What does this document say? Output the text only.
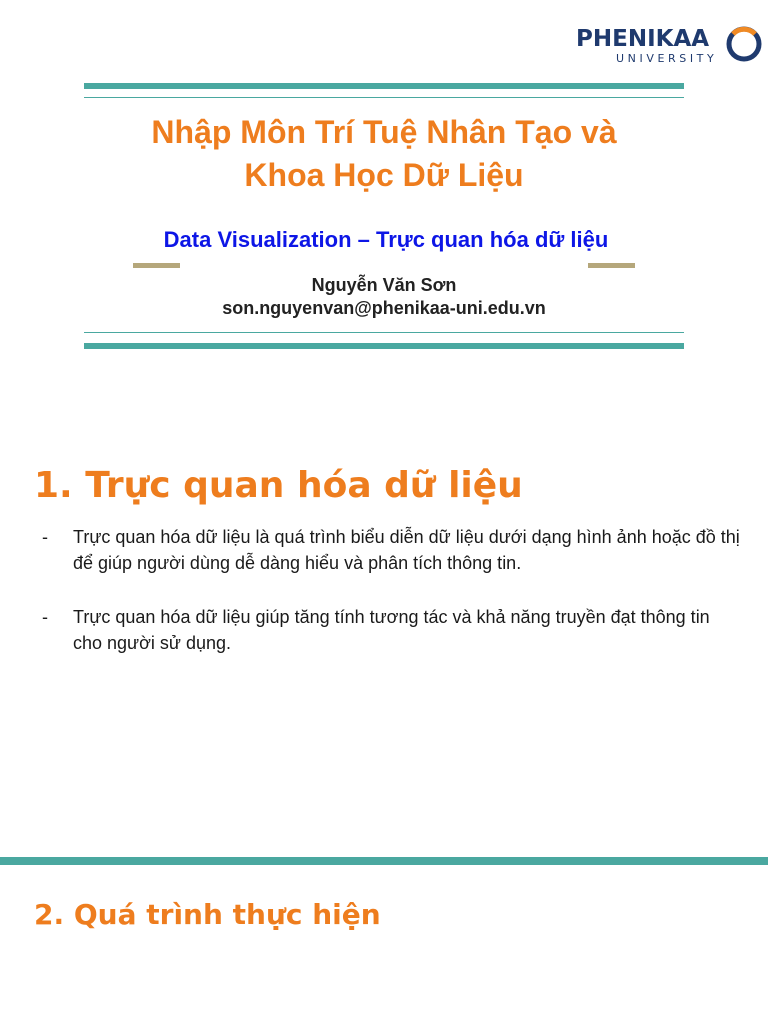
PHENIKAA
UNIVERSITY
Nhập Môn Trí Tuệ Nhân Tạo và
Khoa Học Dữ Liệu
Data Visualization – Trực quan hóa dữ liệu
Nguyễn Văn Sơn
son.nguyenvan@phenikaa-uni.edu.vn
1. Trực quan hóa dữ liệu
- Trực quan hóa dữ liệu là quá trình biểu diễn dữ liệu dưới dạng hình ảnh hoặc đồ thị để giúp người dùng dễ dàng hiểu và phân tích thông tin.
- Trực quan hóa dữ liệu giúp tăng tính tương tác và khả năng truyền đạt thông tin cho người sử dụng.
2. Quá trình thực hiện
